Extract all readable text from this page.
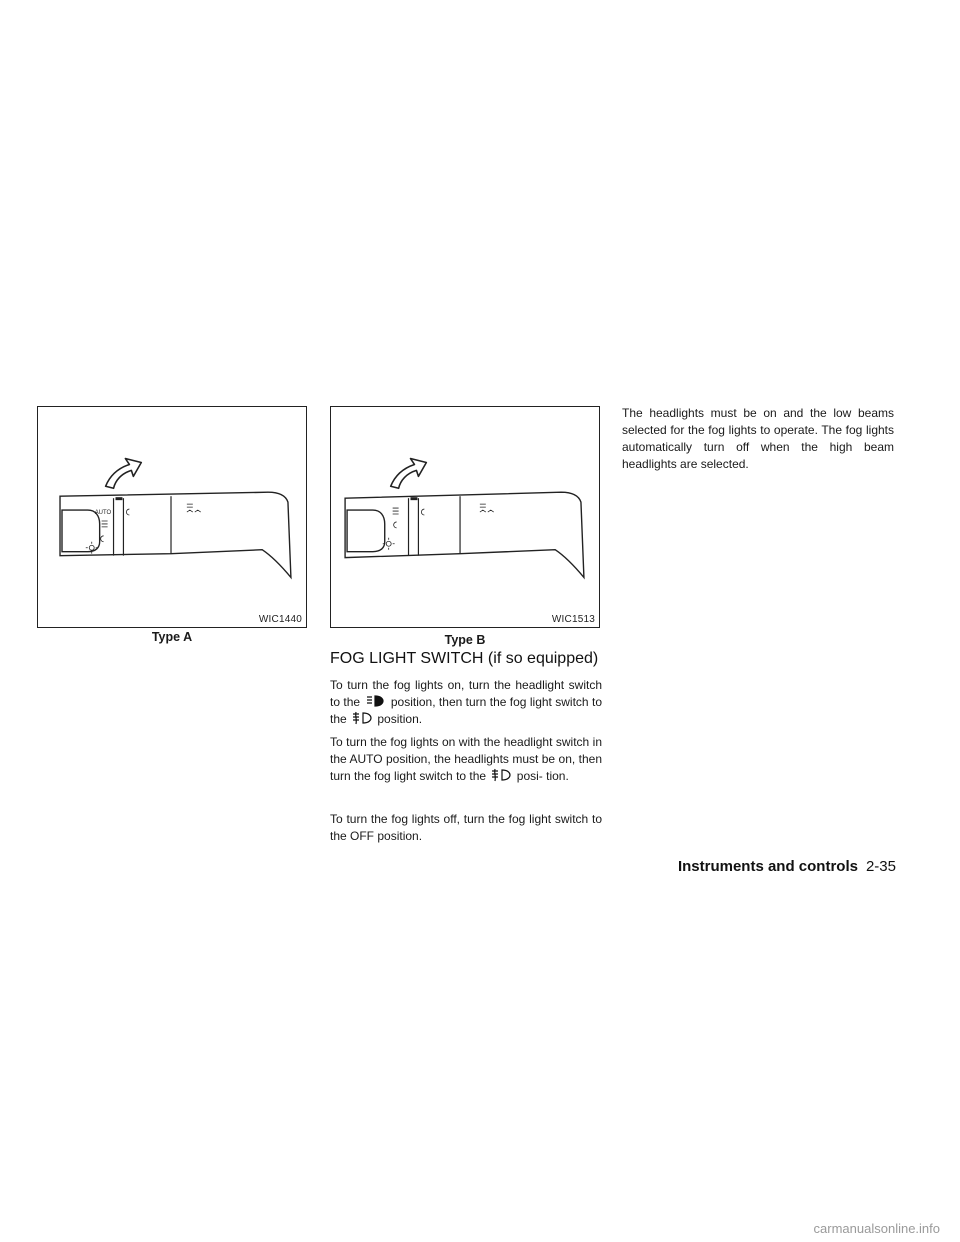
AUTO
WIC1440
Type A
WIC1513
Type B
FOG LIGHT SWITCH (if so equipped)

To turn the fog lights on, turn the headlight switch to the	position, then turn the fog light switch to the	position.

To turn the fog lights on with the headlight switch in the AUTO position, the headlights must be on, then turn the fog light switch to the	posi- tion.

To turn the fog lights off, turn the fog light switch to the OFF position.

The headlights must be on and the low beams selected for the fog lights to operate. The fog lights automatically turn off when the high beam headlights are selected.

Instruments and controls 2-35
carmanualsonline.info
